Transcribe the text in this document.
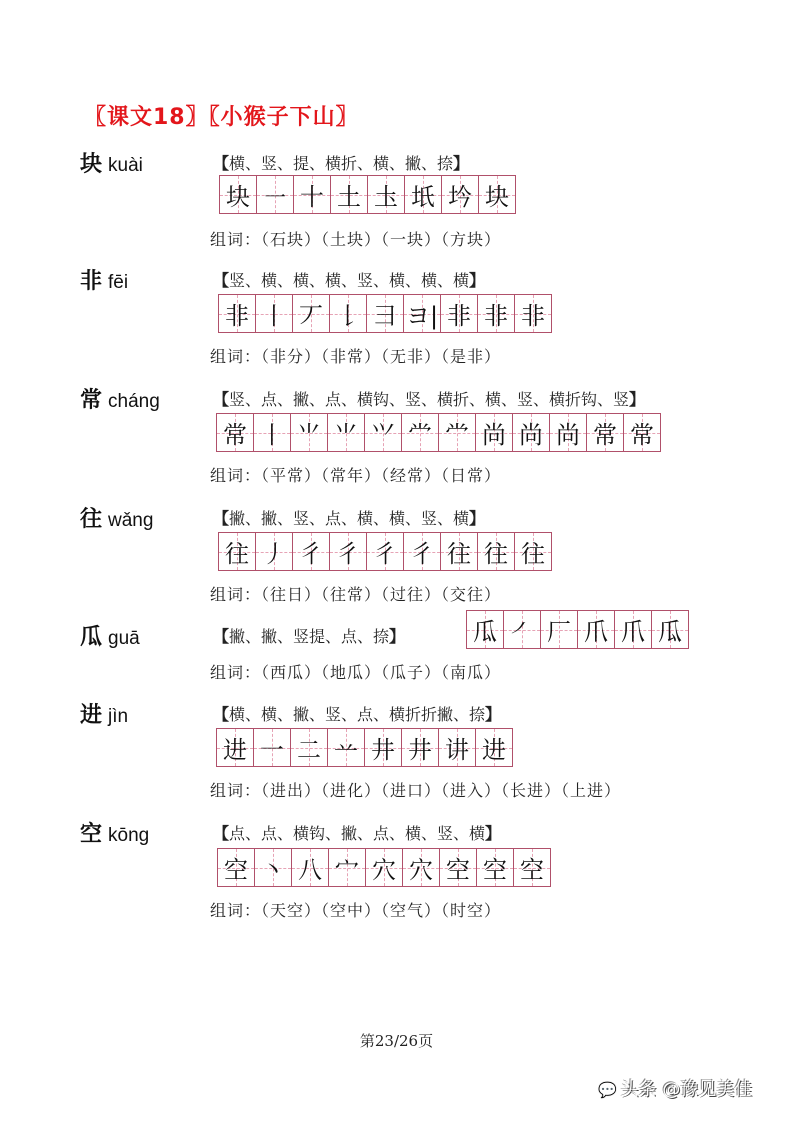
〖课文18〗〖小猴子下山〗
块 kuài	【横、竖、提、横折、横、撇、捺】
块 ㇐ 十 土 圡 坁 坅 块
组词：（石块）（土块）（一块）（方块）
非 fēi	【竖、横、横、横、竖、横、横、横】
非 丨 丆 𠄌 ⺕ ヨ| 非 非 非
组词：（非分）（非常）（无非）（是非）
常 cháng	【竖、点、撇、点、横钩、竖、横折、横、竖、横折钩、竖】
常 丨 ⺌ ⺌ ⺍ 龸 龸 尚 尚 尚 常 常
组词：（平常）（常年）（经常）（日常）
往 wǎng	【撇、撇、竖、点、横、横、竖、横】
往 丿 彳 彳 彳 彳 往 往 往
组词：（往日）（往常）（过往）（交往）
瓜 guā	【撇、撇、竖提、点、捺】	瓜 ㇒ 厂 爪 爪 瓜
组词：（西瓜）（地瓜）（瓜子）（南瓜）
进 jìn	【横、横、撇、竖、点、横折折撇、捺】
进 一 二 䒑 井 井 讲 进
组词：（进出）（进化）（进口）（进入）（长进）（上进）
空 kōng	【点、点、横钩、撇、点、横、竖、横】
空 丶 八 宀 穴 穴 空 空 空
组词：（天空）（空中）（空气）（时空）
第23/26页
💬 头条 @豫见美佳
